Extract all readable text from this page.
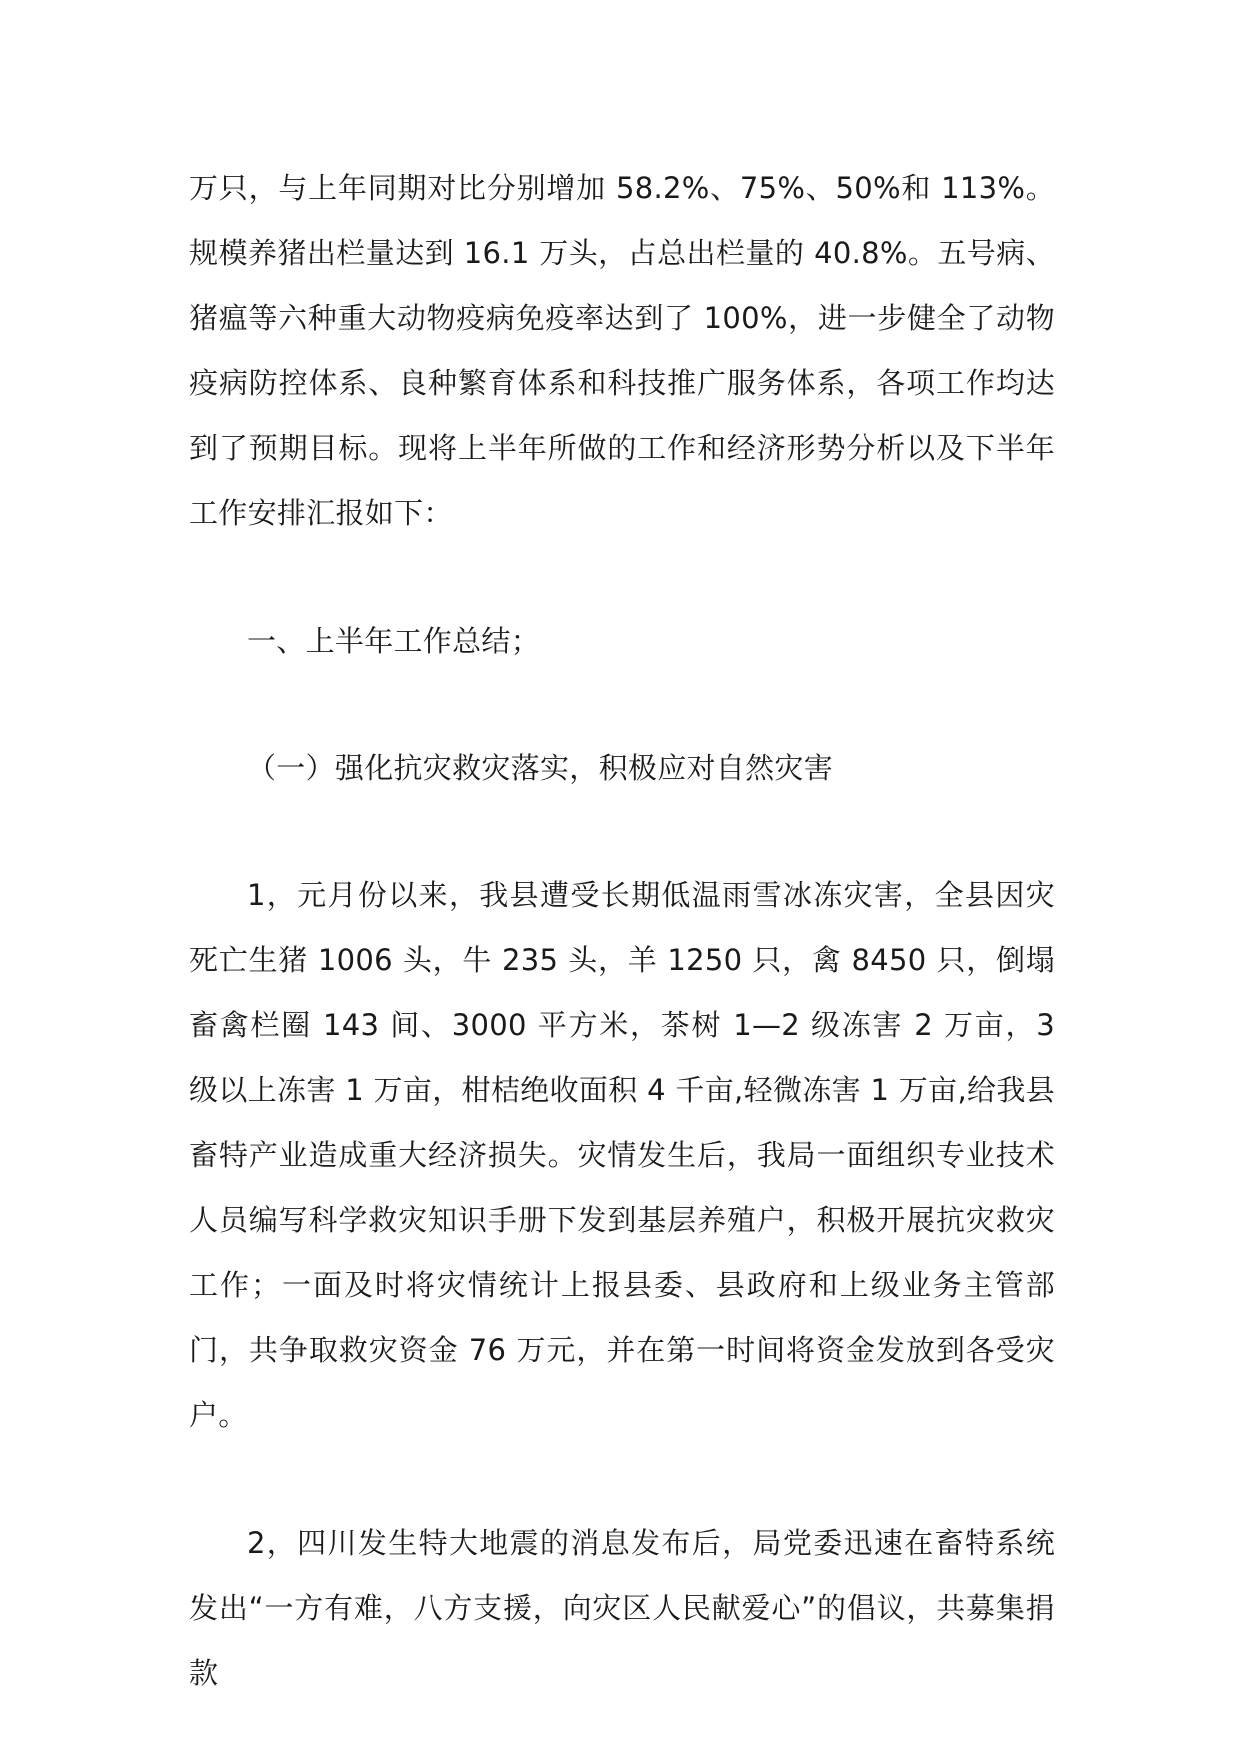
万只，与上年同期对比分别增加 58.2%、75%、50%和 113%。规模养猪出栏量达到 16.1 万头，占总出栏量的 40.8%。五号病、猪瘟等六种重大动物疫病免疫率达到了 100%，进一步健全了动物疫病防控体系、良种繁育体系和科技推广服务体系，各项工作均达到了预期目标。现将上半年所做的工作和经济形势分析以及下半年工作安排汇报如下：

一、上半年工作总结；

（一）强化抗灾救灾落实，积极应对自然灾害

1，元月份以来，我县遭受长期低温雨雪冰冻灾害，全县因灾死亡生猪 1006 头，牛 235 头，羊 1250 只，禽 8450 只，倒塌畜禽栏圈 143 间、3000 平方米，茶树 1—2 级冻害 2 万亩，3 级以上冻害 1 万亩，柑桔绝收面积 4 千亩,轻微冻害 1 万亩,给我县畜特产业造成重大经济损失。灾情发生后，我局一面组织专业技术人员编写科学救灾知识手册下发到基层养殖户，积极开展抗灾救灾工作；一面及时将灾情统计上报县委、县政府和上级业务主管部门，共争取救灾资金 76 万元，并在第一时间将资金发放到各受灾户。

2，四川发生特大地震的消息发布后，局党委迅速在畜特系统发出“一方有难，八方支援，向灾区人民献爱心”的倡议，共募集捐款
